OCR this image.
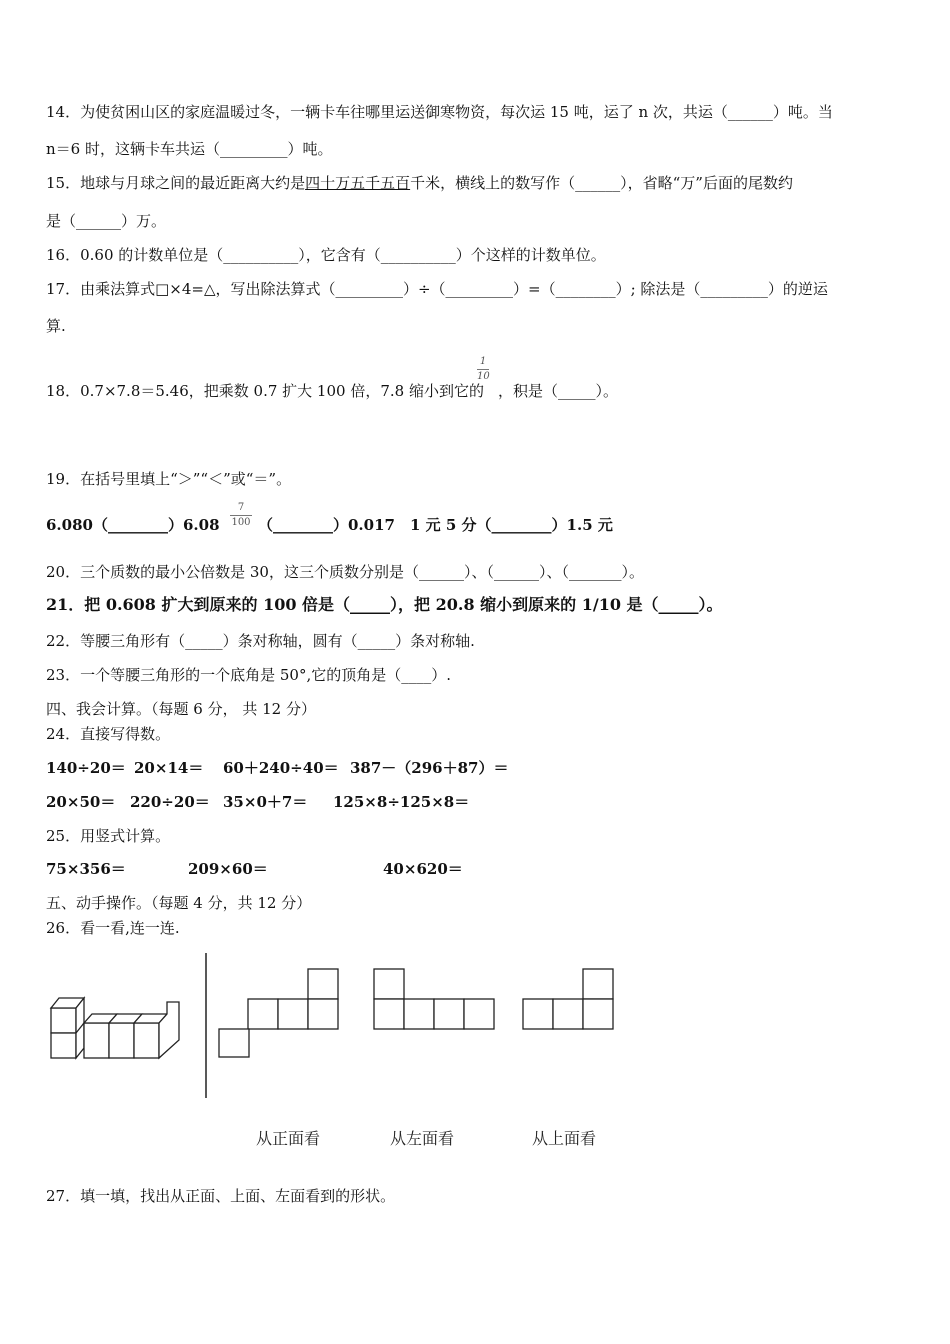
14．为使贫困山区的家庭温暖过冬，一辆卡车往哪里运送御寒物资，每次运 15 吨，运了 n 次，共运（______）吨。当
n＝6 时，这辆卡车共运（_________）吨。
15．地球与月球之间的最近距离大约是四十万五千五百千米，横线上的数写作（______），省略“万”后面的尾数约
是（______）万。
16．0.60 的计数单位是（__________），它含有（__________）个这样的计数单位。
17．由乘法算式□×4=△，写出除法算式（_________）÷（_________）=（________）; 除法是（_________）的逆运
算.
18．0.7×7.8＝5.46，把乘数 0.7 扩大 100 倍，7.8 缩小到它的 ，积是（_____）。
1
10
19．在括号里填上“＞”“＜”或“＝”。
6.080（________）6.08
7
100 （________）0.017 1 元 5 分（________）1.5 元
20．三个质数的最小公倍数是 30，这三个质数分别是（______）、（______）、（_______）。
21．把 0.608 扩大到原来的 100 倍是（_____），把 20.8 缩小到原来的 1/10 是（_____）。
22．等腰三角形有（_____）条对称轴，圆有（_____）条对称轴.
23．一个等腰三角形的一个底角是 50°,它的顶角是（____）.
四、我会计算。（每题 6 分， 共 12 分）
24．直接写得数。
140÷20＝ 20×14＝ 60＋240÷40＝ 387－（296＋87）＝
20×50＝ 220÷20＝ 35×0＋7＝ 125×8÷125×8＝
25．用竖式计算。
75×356＝	209×60＝	40×620＝
五、动手操作。（每题 4 分，共 12 分）
26．看一看,连一连.
从正面看	从左面看	从上面看
27．填一填，找出从正面、上面、左面看到的形状。
